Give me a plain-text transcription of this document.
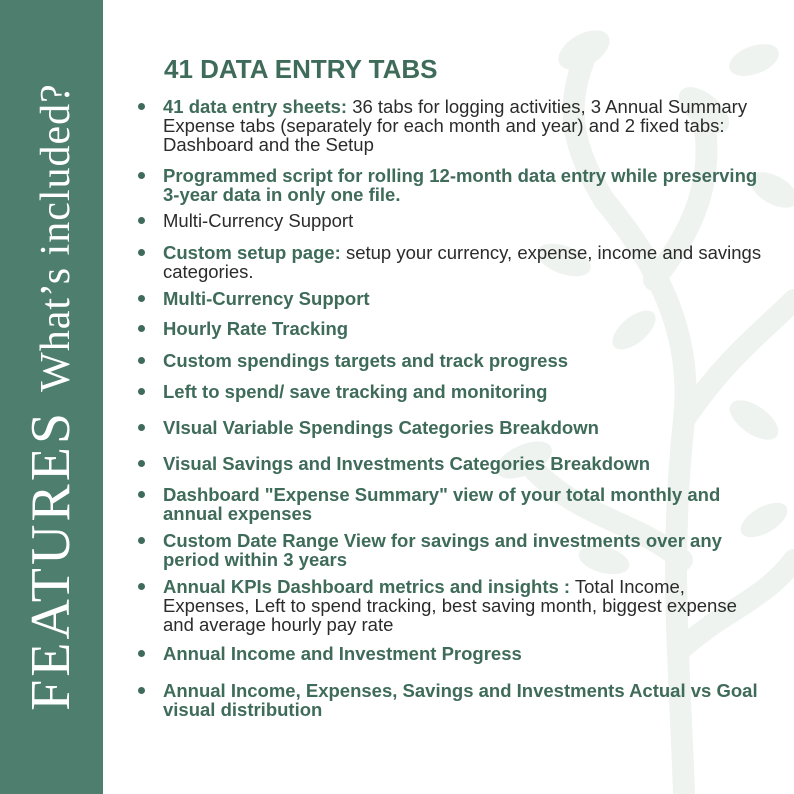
FEATURESWhat’s included?
41 DATA ENTRY TABS
41 data entry sheets: 36 tabs for logging activities, 3 Annual Summary Expense tabs (separately for each month and year) and 2 fixed tabs: Dashboard and the Setup
Programmed script for rolling 12-month data entry while preserving 3-year data in only one file.
Multi-Currency Support
Custom setup page: setup your currency, expense, income and savings categories.
Multi-Currency Support
Hourly Rate Tracking
Custom spendings targets and track progress
Left to spend/ save tracking and monitoring
VIsual Variable Spendings Categories Breakdown
Visual Savings and Investments Categories Breakdown
Dashboard "Expense Summary" view of your total monthly and annual expenses
Custom Date Range View for savings and investments over any period within 3 years
Annual KPIs Dashboard metrics and insights : Total Income, Expenses, Left to spend tracking, best saving month, biggest expense and average hourly pay rate
Annual Income and Investment Progress
Annual Income, Expenses, Savings and Investments Actual vs Goal visual distribution
